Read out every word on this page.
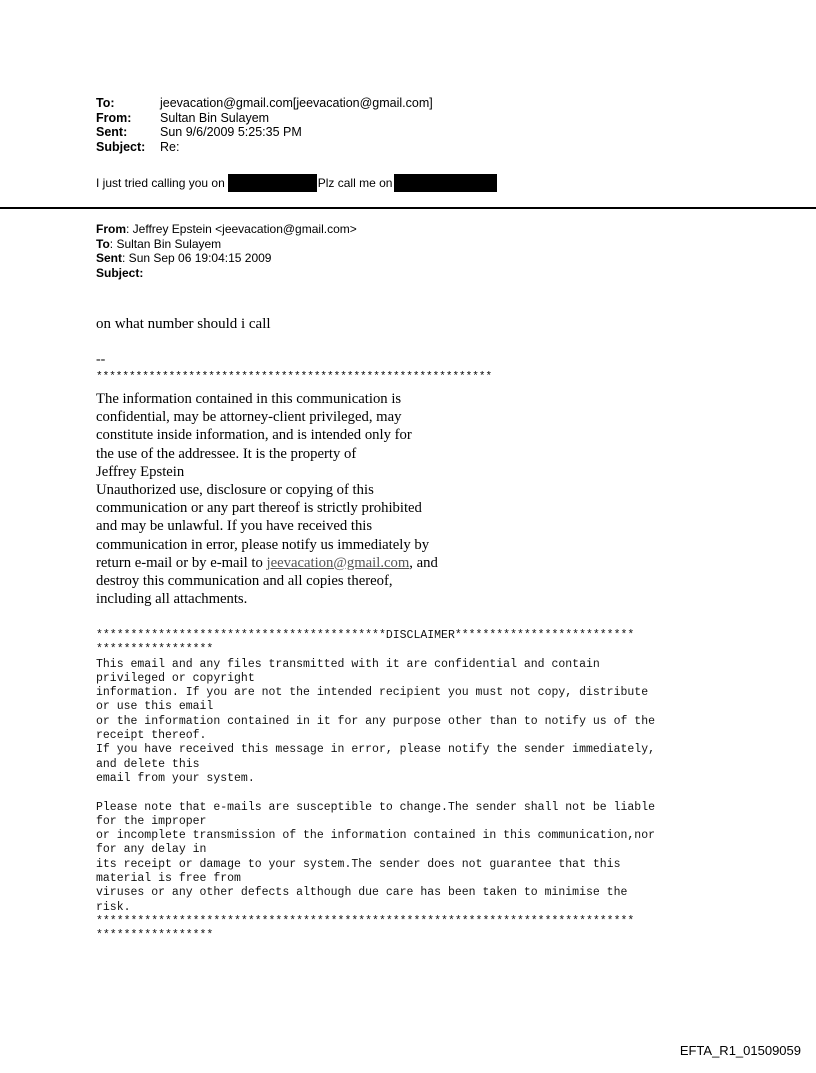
To:	jeevacation@gmail.com[jeevacation@gmail.com]
From:	Sultan Bin Sulayem
Sent:	Sun 9/6/2009 5:25:35 PM
Subject:	Re:
I just tried calling you on	Plz call me on
From: Jeffrey Epstein <jeevacation@gmail.com>
To: Sultan Bin Sulayem
Sent: Sun Sep 06 19:04:15 2009
Subject:
on what number should i call
--
************************************************************
The information contained in this communication is
confidential, may be attorney-client privileged, may
constitute inside information, and is intended only for
the use of the addressee. It is the property of
Jeffrey Epstein
Unauthorized use, disclosure or copying of this
communication or any part thereof is strictly prohibited
and may be unlawful. If you have received this
communication in error, please notify us immediately by
return e-mail or by e-mail to jeevacation@gmail.com, and
destroy this communication and all copies thereof,
including all attachments.
******************************************DISCLAIMER**************************
*****************
This email and any files transmitted with it are confidential and contain
privileged or copyright
information. If you are not the intended recipient you must not copy, distribute
or use this email
or the information contained in it for any purpose other than to notify us of the
receipt thereof.
If you have received this message in error, please notify the sender immediately,
and delete this
email from your system.

Please note that e-mails are susceptible to change.The sender shall not be liable
for the improper
or incomplete transmission of the information contained in this communication,nor
for any delay in
its receipt or damage to your system.The sender does not guarantee that this
material is free from
viruses or any other defects although due care has been taken to minimise the
risk.
******************************************************************************
*****************
EFTA_R1_01509059
